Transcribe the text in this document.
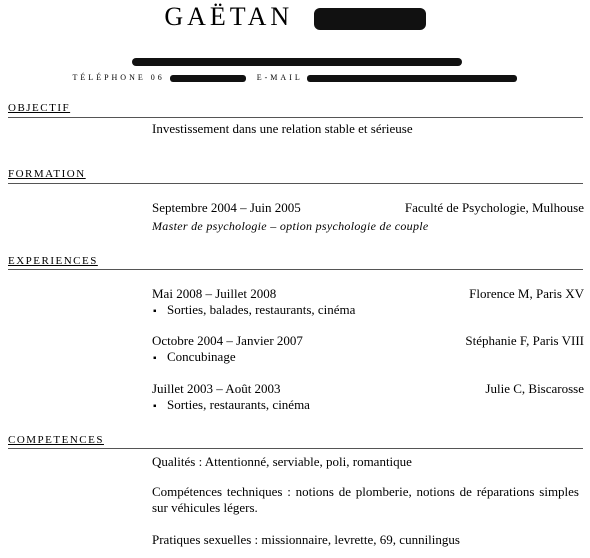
GAËTAN
TÉLÉPHONE 06	E-MAIL
OBJECTIF
Investissement dans une relation stable et sérieuse
FORMATION
Septembre 2004 – Juin 2005	Faculté de Psychologie, Mulhouse
Master de psychologie – option psychologie de couple
EXPERIENCES
Mai 2008 – Juillet 2008	Florence M, Paris XV
▪ Sorties, balades, restaurants, cinéma
Octobre 2004 – Janvier 2007	Stéphanie F, Paris VIII
▪ Concubinage
Juillet 2003 – Août 2003	Julie C, Biscarosse
▪ Sorties, restaurants, cinéma
COMPETENCES
Qualités : Attentionné, serviable, poli, romantique
Compétences techniques : notions de plomberie, notions de réparations simples sur véhicules légers.
Pratiques sexuelles : missionnaire, levrette, 69, cunnilingus
